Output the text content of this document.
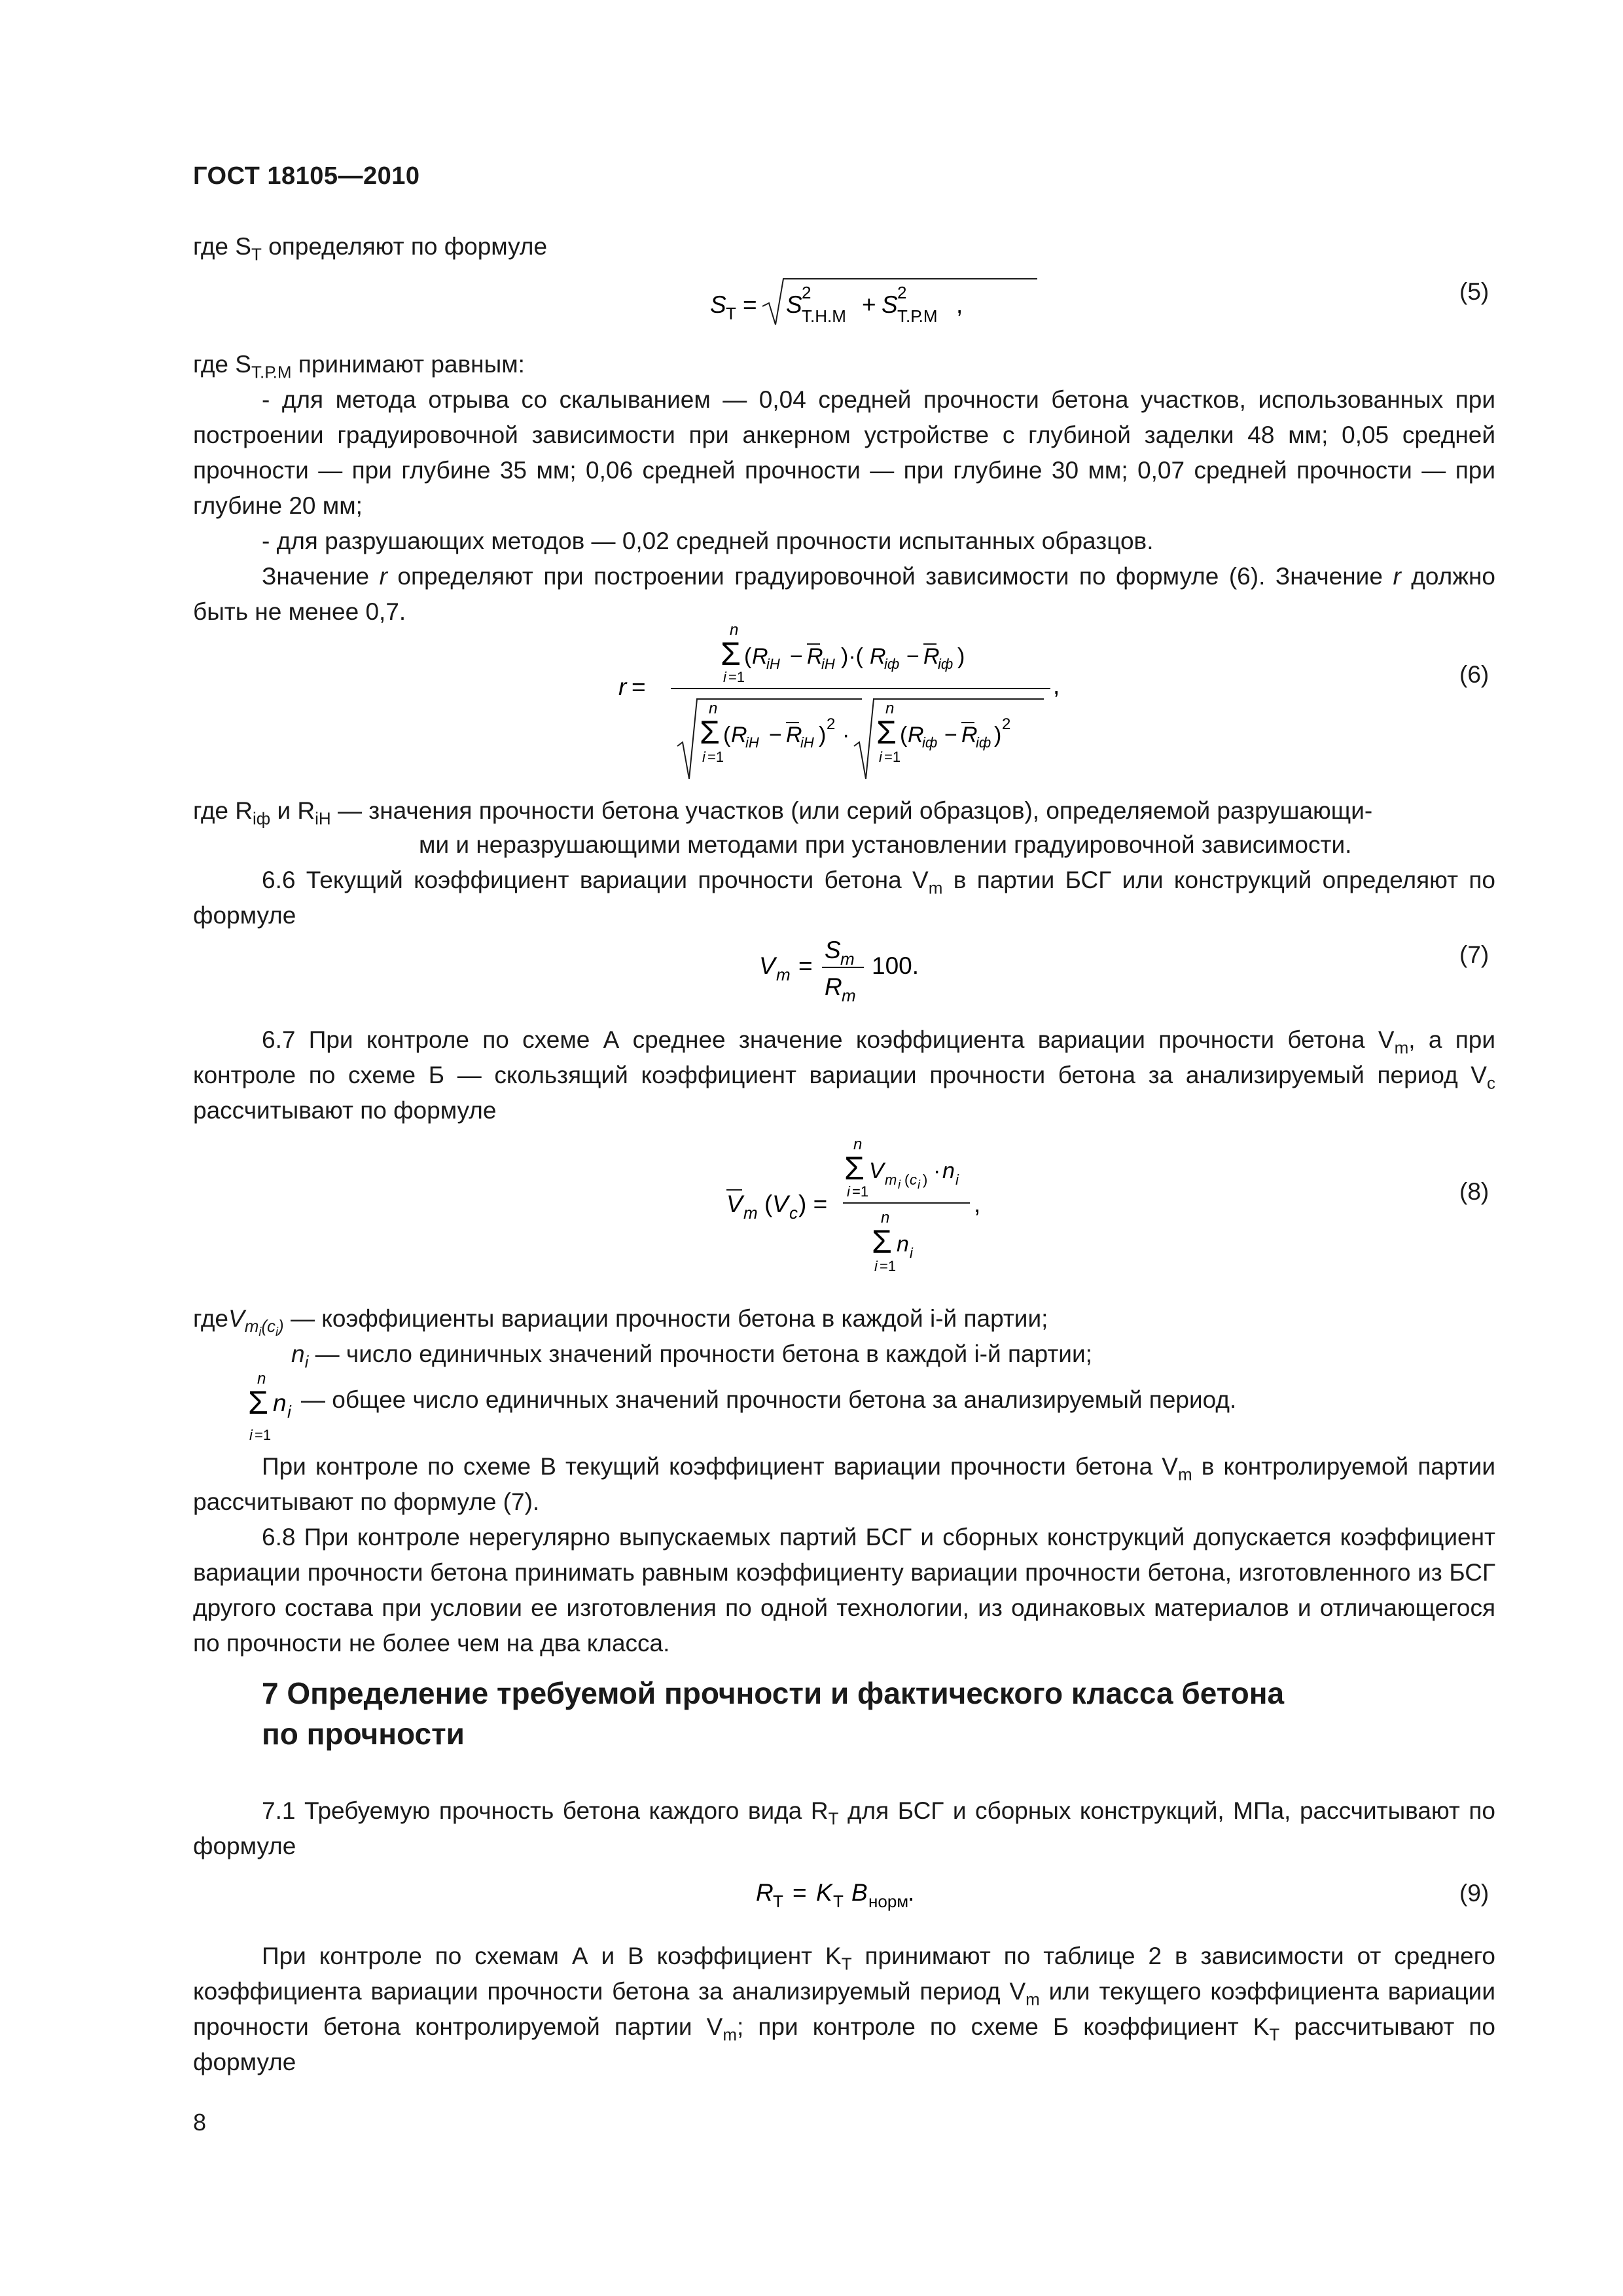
ГОСТ 18105—2010
где $S_Т$ определяют по формуле
S Т = S 2
Т.Н.М + S 2
Т.Р.М ,	(5)
где $S_{Т.Р.М}$ принимают равным:
- для метода отрыва со скалыванием — 0,04 средней прочности бетона участков, использованных при построении градуировочной зависимости при анкерном устройстве с глубиной заделки 48 мм; 0,05 средней прочности — при глубине 35 мм; 0,06 средней прочности — при глубине 30 мм; 0,07 средней прочности — при глубине 20 мм;
- для разрушающих методов — 0,02 средней прочности испытанных образцов.
Значение r определяют при построении градуировочной зависимости по формуле (6). Значение r должно быть не менее 0,7.
r =
n
Σ
i =1
( R
iH − R
iH )·( R
iф − R
iф )
,
n
Σ
i =1
( R
iH − R
iH ) 2 ·
n
Σ
i =1
( R
iф − R
iф ) 2
(6)
где $R_{iф}$ и $R_{iH}$ — значения прочности бетона участков (или серий образцов), определяемой разрушающи-
ми и неразрушающими методами при установлении градуировочной зависимости.
6.6 Текущий коэффициент вариации прочности бетона $V_m$ в партии БСГ или конструкций определяют по формуле
V m =
S m
R m
100.	(7)
6.7 При контроле по схеме А среднее значение коэффициента вариации прочности бетона $V_m$, а при контроле по схеме Б — скользящий коэффициент вариации прочности бетона за анализируемый период $V_c$ рассчитывают по формуле
V m ( V c ) =
n
Σ
i =1
V m i ( c i ) · n i
,
n
Σ
i =1
n i
(8)
гдеV$_{m_i(c_i)}$ — коэффициенты вариации прочности бетона в каждой i-й партии;
$n_i$ — число единичных значений прочности бетона в каждой i-й партии;
n
Σ
i =1
n i — общее число единичных значений прочности бетона за анализируемый период.
При контроле по схеме В текущий коэффициент вариации прочности бетона $V_m$ в контролируемой партии рассчитывают по формуле (7).
6.8 При контроле нерегулярно выпускаемых партий БСГ и сборных конструкций допускается коэффициент вариации прочности бетона принимать равным коэффициенту вариации прочности бетона, изготовленного из БСГ другого состава при условии ее изготовления по одной технологии, из одинаковых материалов и отличающегося по прочности не более чем на два класса.
7 Определение требуемой прочности и фактического класса бетона
по прочности
7.1 Требуемую прочность бетона каждого вида $R_Т$ для БСГ и сборных конструкций, МПа, рассчитывают по формуле
R Т = K Т B норм
.	(9)
При контроле по схемам А и В коэффициент $K_Т$ принимают по таблице 2 в зависимости от среднего коэффициента вариации прочности бетона за анализируемый период $V_m$ или текущего коэффициента вариации прочности бетона контролируемой партии $V_m$; при контроле по схеме Б коэффициент $K_Т$ рассчитывают по формуле
8
